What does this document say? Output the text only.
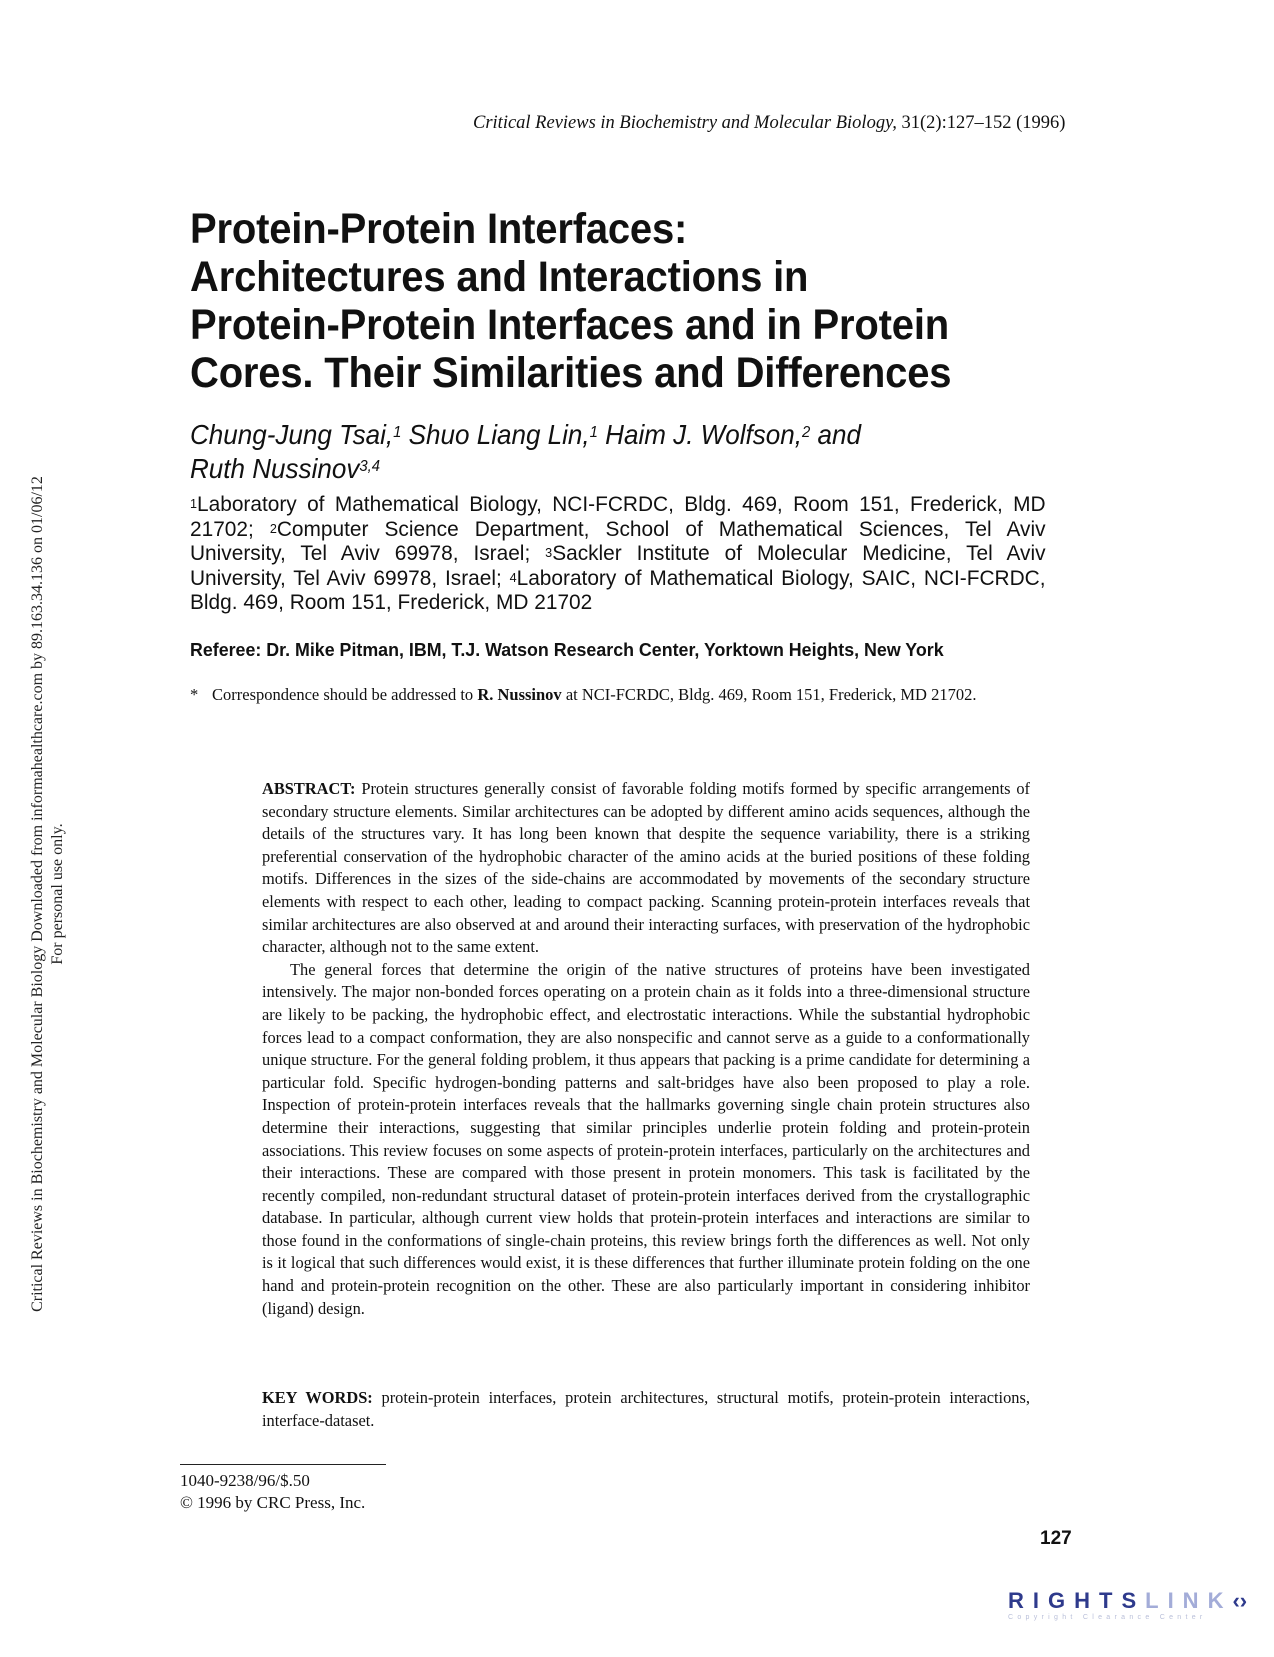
Critical Reviews in Biochemistry and Molecular Biology Downloaded from informahealthcare.com by 89.163.34.136 on 01/06/12 For personal use only.
Critical Reviews in Biochemistry and Molecular Biology, 31(2):127–152 (1996)
Protein-Protein Interfaces:
Architectures and Interactions in
Protein-Protein Interfaces and in Protein
Cores. Their Similarities and Differences
Chung-Jung Tsai,$^1$ Shuo Liang Lin,$^1$ Haim J. Wolfson,$^2$ and
Ruth Nussinov$^{3,4}$
$^1$Laboratory of Mathematical Biology, NCI-FCRDC, Bldg. 469, Room 151, Frederick, MD 21702; $^2$Computer Science Department, School of Mathematical Sciences, Tel Aviv University, Tel Aviv 69978, Israel; $^3$Sackler Institute of Molecular Medicine, Tel Aviv University, Tel Aviv 69978, Israel; $^4$Laboratory of Mathematical Biology, SAIC, NCI-FCRDC, Bldg. 469, Room 151, Frederick, MD 21702
Referee: Dr. Mike Pitman, IBM, T.J. Watson Research Center, Yorktown Heights, New York
* Correspondence should be addressed to R. Nussinov at NCI-FCRDC, Bldg. 469, Room 151, Frederick, MD 21702.

ABSTRACT: Protein structures generally consist of favorable folding motifs formed by specific arrangements of secondary structure elements. Similar architectures can be adopted by different amino acids sequences, although the details of the structures vary. It has long been known that despite the sequence variability, there is a striking preferential conservation of the hydrophobic character of the amino acids at the buried positions of these folding motifs. Differences in the sizes of the side-chains are accommodated by movements of the secondary structure elements with respect to each other, leading to compact packing. Scanning protein-protein interfaces reveals that similar architectures are also observed at and around their interacting surfaces, with preservation of the hydrophobic character, although not to the same extent.

The general forces that determine the origin of the native structures of proteins have been investigated intensively. The major non-bonded forces operating on a protein chain as it folds into a three-dimensional structure are likely to be packing, the hydrophobic effect, and electrostatic interactions. While the substantial hydrophobic forces lead to a compact conformation, they are also nonspecific and cannot serve as a guide to a conformationally unique structure. For the general folding problem, it thus appears that packing is a prime candidate for determining a particular fold. Specific hydrogen-bonding patterns and salt-bridges have also been proposed to play a role. Inspection of protein-protein interfaces reveals that the hallmarks governing single chain protein structures also determine their interactions, suggesting that similar principles underlie protein folding and protein-protein associations. This review focuses on some aspects of protein-protein interfaces, particularly on the architectures and their interactions. These are compared with those present in protein monomers. This task is facilitated by the recently compiled, non-redundant structural dataset of protein-protein interfaces derived from the crystallographic database. In particular, although current view holds that protein-protein interfaces and interactions are similar to those found in the conformations of single-chain proteins, this review brings forth the differences as well. Not only is it logical that such differences would exist, it is these differences that further illuminate protein folding on the one hand and protein-protein recognition on the other. These are also particularly important in considering inhibitor (ligand) design.

KEY WORDS: protein-protein interfaces, protein architectures, structural motifs, protein-protein interactions, interface-dataset.
1040-9238/96/$.50
© 1996 by CRC Press, Inc.
127
RIGHTSLINK‹›
Copyright Clearance Center
